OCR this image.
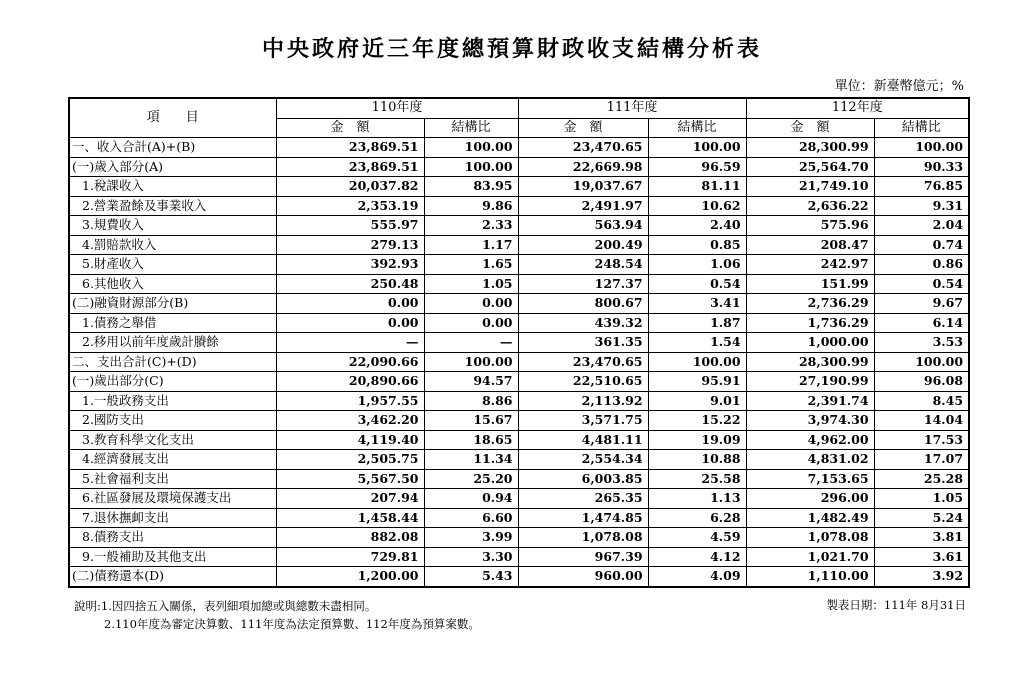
中央政府近三年度總預算財政收支結構分析表
單位：新臺幣億元；%
項　　目	110年度		111年度		112年度	
	金　額	結構比	金　額	結構比	金　額	結構比
一、收入合計(A)+(B)	23,869.51	100.00	23,470.65	100.00	28,300.99	100.00
(一)歲入部分(A)	23,869.51	100.00	22,669.98	96.59	25,564.70	90.33
1.稅課收入	20,037.82	83.95	19,037.67	81.11	21,749.10	76.85
2.營業盈餘及事業收入	2,353.19	9.86	2,491.97	10.62	2,636.22	9.31
3.規費收入	555.97	2.33	563.94	2.40	575.96	2.04
4.罰賠款收入	279.13	1.17	200.49	0.85	208.47	0.74
5.財產收入	392.93	1.65	248.54	1.06	242.97	0.86
6.其他收入	250.48	1.05	127.37	0.54	151.99	0.54
(二)融資財源部分(B)	0.00	0.00	800.67	3.41	2,736.29	9.67
1.債務之舉借	0.00	0.00	439.32	1.87	1,736.29	6.14
2.移用以前年度歲計賸餘	—	—	361.35	1.54	1,000.00	3.53
二、支出合計(C)+(D)	22,090.66	100.00	23,470.65	100.00	28,300.99	100.00
(一)歲出部分(C)	20,890.66	94.57	22,510.65	95.91	27,190.99	96.08
1.一般政務支出	1,957.55	8.86	2,113.92	9.01	2,391.74	8.45
2.國防支出	3,462.20	15.67	3,571.75	15.22	3,974.30	14.04
3.教育科學文化支出	4,119.40	18.65	4,481.11	19.09	4,962.00	17.53
4.經濟發展支出	2,505.75	11.34	2,554.34	10.88	4,831.02	17.07
5.社會福利支出	5,567.50	25.20	6,003.85	25.58	7,153.65	25.28
6.社區發展及環境保護支出	207.94	0.94	265.35	1.13	296.00	1.05
7.退休撫卹支出	1,458.44	6.60	1,474.85	6.28	1,482.49	5.24
8.債務支出	882.08	3.99	1,078.08	4.59	1,078.08	3.81
9.一般補助及其他支出	729.81	3.30	967.39	4.12	1,021.70	3.61
(二)債務還本(D)	1,200.00	5.43	960.00	4.09	1,110.00	3.92
說明:1.因四捨五入關係，表列細項加總或與總數未盡相同。
2.110年度為審定決算數、111年度為法定預算數、112年度為預算案數。
製表日期：111年 8月31日
